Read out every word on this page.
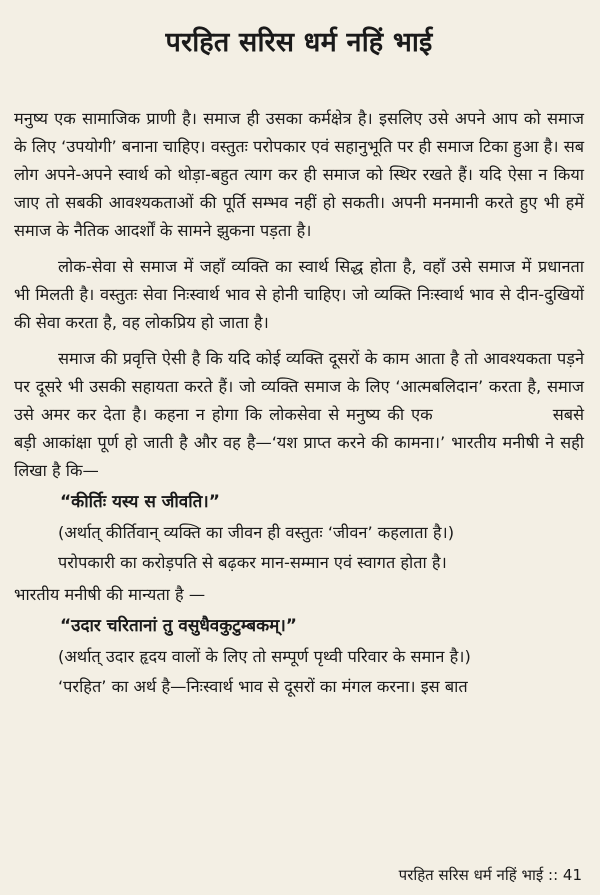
परहित सरिस धर्म नहिं भाई

मनुष्य एक सामाजिक प्राणी है। समाज ही उसका कर्मक्षेत्र है। इसलिए उसे अपने आप को समाज के लिए ‘उपयोगी’ बनाना चाहिए। वस्तुतः परोपकार एवं सहानुभूति पर ही समाज टिका हुआ है। सब लोग अपने-अपने स्वार्थ को थोड़ा-बहुत त्याग कर ही समाज को स्थिर रखते हैं। यदि ऐसा न किया जाए तो सबकी आवश्यकताओं की पूर्ति सम्भव नहीं हो सकती। अपनी मनमानी करते हुए भी हमें समाज के नैतिक आदर्शों के सामने झुकना पड़ता है।

लोक-सेवा से समाज में जहाँ व्यक्ति का स्वार्थ सिद्ध होता है, वहाँ उसे समाज में प्रधानता भी मिलती है। वस्तुतः सेवा निःस्वार्थ भाव से होनी चाहिए। जो व्यक्ति निःस्वार्थ भाव से दीन-दुखियों की सेवा करता है, वह लोकप्रिय हो जाता है।

समाज की प्रवृत्ति ऐसी है कि यदि कोई व्यक्ति दूसरों के काम आता है तो आवश्यकता पड़ने पर दूसरे भी उसकी सहायता करते हैं। जो व्यक्ति समाज के लिए ‘आत्मबलिदान’ करता है, समाज उसे अमर कर देता है। कहना न होगा कि लोकसेवा से मनुष्य की एक	सबसे बड़ी आकांक्षा पूर्ण हो जाती है और वह है—‘यश प्राप्त करने की कामना।’ भारतीय मनीषी ने सही लिखा है कि—

“कीर्तिः यस्य स जीवति।”

(अर्थात् कीर्तिवान् व्यक्ति का जीवन ही वस्तुतः ‘जीवन’ कहलाता है।)

परोपकारी का करोड़पति से बढ़कर मान-सम्मान एवं स्वागत होता है।

भारतीय मनीषी की मान्यता है —

“उदार चरितानां तु वसुधैवकुटुम्बकम्।”

(अर्थात् उदार हृदय वालों के लिए तो सम्पूर्ण पृथ्वी परिवार के समान है।)

‘परहित’ का अर्थ है—निःस्वार्थ भाव से दूसरों का मंगल करना। इस बात

परहित सरिस धर्म नहिं भाई :: 41
